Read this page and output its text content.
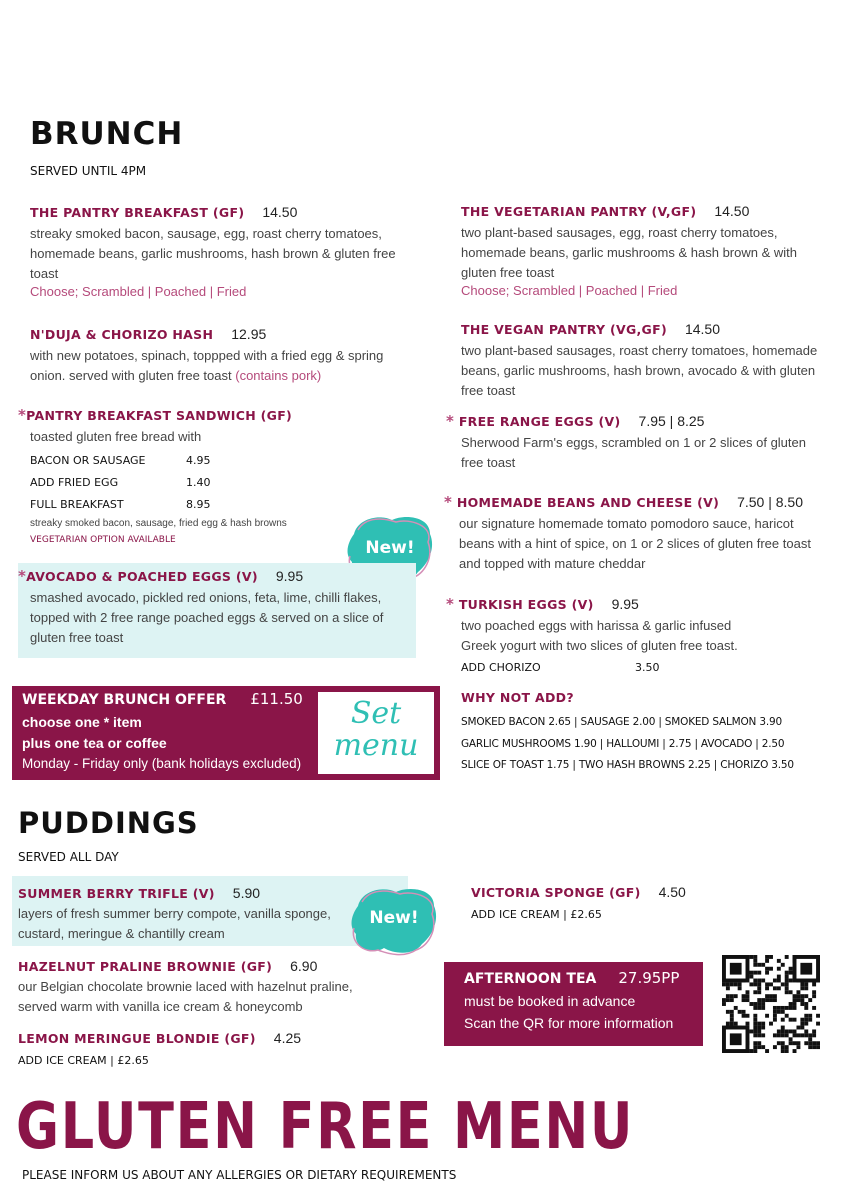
BRUNCH
SERVED UNTIL 4PM
THE PANTRY BREAKFAST (GF) 14.50
streaky smoked bacon, sausage, egg, roast cherry tomatoes, homemade beans, garlic mushrooms, hash brown & gluten free toast
Choose; Scrambled | Poached | Fried
N'DUJA & CHORIZO HASH 12.95
with new potatoes, spinach, toppped with a fried egg & spring onion. served with gluten free toast (contains pork)
*PANTRY BREAKFAST SANDWICH (GF)
toasted gluten free bread with
BACON OR SAUSAGE	4.95
ADD FRIED EGG	1.40
FULL BREAKFAST	8.95
streaky smoked bacon, sausage, fried egg & hash browns
VEGETARIAN OPTION AVAILABLE	New!
*AVOCADO & POACHED EGGS (V) 9.95
smashed avocado, pickled red onions, feta, lime, chilli flakes, topped with 2 free range poached eggs & served on a slice of gluten free toast
WEEKDAY BRUNCH OFFER £11.50
choose one * item
plus one tea or coffee
Monday - Friday only (bank holidays excluded)
Set
menu
THE VEGETARIAN PANTRY (V,GF) 14.50
two plant-based sausages, egg, roast cherry tomatoes, homemade beans, garlic mushrooms & hash brown & with gluten free toast
Choose; Scrambled | Poached | Fried
THE VEGAN PANTRY (VG,GF) 14.50
two plant-based sausages, roast cherry tomatoes, homemade beans, garlic mushrooms, hash brown, avocado & with gluten free toast
* FREE RANGE EGGS (V) 7.95 | 8.25
Sherwood Farm's eggs, scrambled on 1 or 2 slices of gluten free toast
* HOMEMADE BEANS AND CHEESE (V) 7.50 | 8.50
our signature homemade tomato pomodoro sauce, haricot beans with a hint of spice, on 1 or 2 slices of gluten free toast and topped with mature cheddar
* TURKISH EGGS (V) 9.95
two poached eggs with harissa & garlic infused Greek yogurt with two slices of gluten free toast.
ADD CHORIZO	3.50
WHY NOT ADD?
SMOKED BACON 2.65 | SAUSAGE 2.00 | SMOKED SALMON 3.90
GARLIC MUSHROOMS 1.90 | HALLOUMI | 2.75 | AVOCADO | 2.50
SLICE OF TOAST 1.75 | TWO HASH BROWNS 2.25 | CHORIZO 3.50
PUDDINGS
SERVED ALL DAY
SUMMER BERRY TRIFLE (V) 5.90
layers of fresh summer berry compote, vanilla sponge, custard, meringue & chantilly cream
New!
HAZELNUT PRALINE BROWNIE (GF) 6.90
our Belgian chocolate brownie laced with hazelnut praline, served warm with vanilla ice cream & honeycomb
LEMON MERINGUE BLONDIE (GF) 4.25
ADD ICE CREAM | £2.65
VICTORIA SPONGE (GF) 4.50
ADD ICE CREAM | £2.65
AFTERNOON TEA 27.95PP
must be booked in advance
Scan the QR for more information
GLUTEN FREE MENU
PLEASE INFORM US ABOUT ANY ALLERGIES OR DIETARY REQUIREMENTS
